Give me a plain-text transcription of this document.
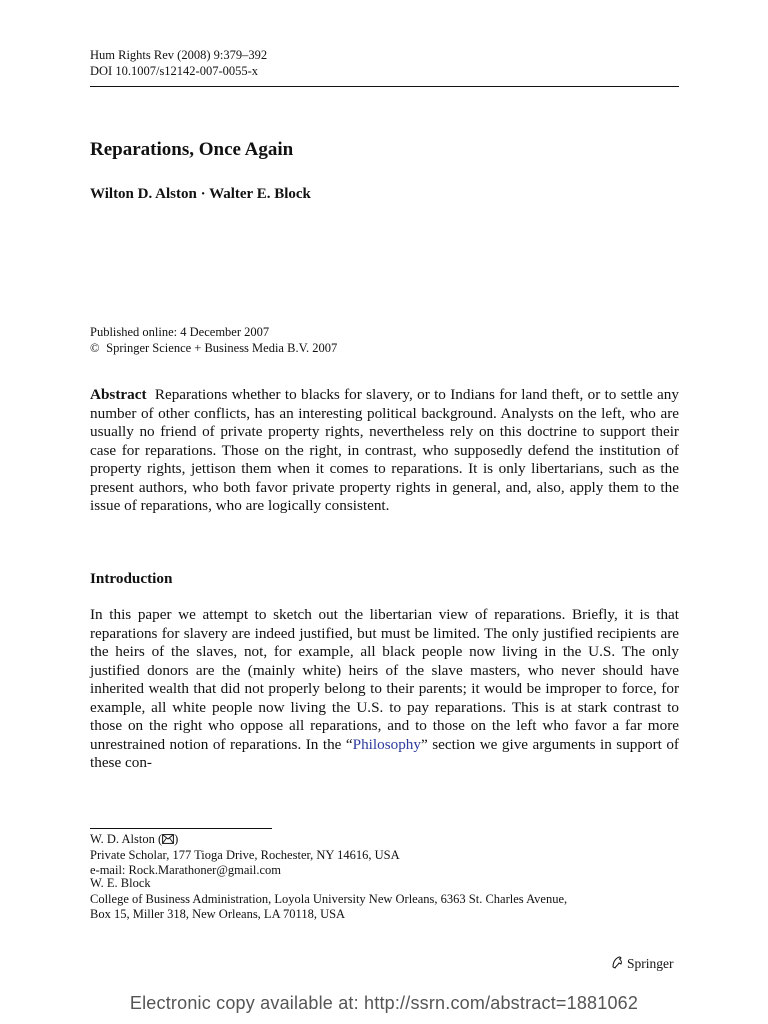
Hum Rights Rev (2008) 9:379–392
DOI 10.1007/s12142-007-0055-x
Reparations, Once Again
Wilton D. Alston · Walter E. Block
Published online: 4 December 2007
© Springer Science + Business Media B.V. 2007
Abstract Reparations whether to blacks for slavery, or to Indians for land theft, or to settle any number of other conflicts, has an interesting political background. Analysts on the left, who are usually no friend of private property rights, nevertheless rely on this doctrine to support their case for reparations. Those on the right, in contrast, who supposedly defend the institution of property rights, jettison them when it comes to reparations. It is only libertarians, such as the present authors, who both favor private property rights in general, and, also, apply them to the issue of reparations, who are logically consistent.
Introduction
In this paper we attempt to sketch out the libertarian view of reparations. Briefly, it is that reparations for slavery are indeed justified, but must be limited. The only justified recipients are the heirs of the slaves, not, for example, all black people now living in the U.S. The only justified donors are the (mainly white) heirs of the slave masters, who never should have inherited wealth that did not properly belong to their parents; it would be improper to force, for example, all white people now living the U.S. to pay reparations. This is at stark contrast to those on the right who oppose all reparations, and to those on the left who favor a far more unrestrained notion of reparations. In the “Philosophy” section we give arguments in support of these con-
W. D. Alston ( )
Private Scholar, 177 Tioga Drive, Rochester, NY 14616, USA
e-mail: Rock.Marathoner@gmail.com
W. E. Block
College of Business Administration, Loyola University New Orleans, 6363 St. Charles Avenue,
Box 15, Miller 318, New Orleans, LA 70118, USA
Springer
Electronic copy available at: http://ssrn.com/abstract=1881062
